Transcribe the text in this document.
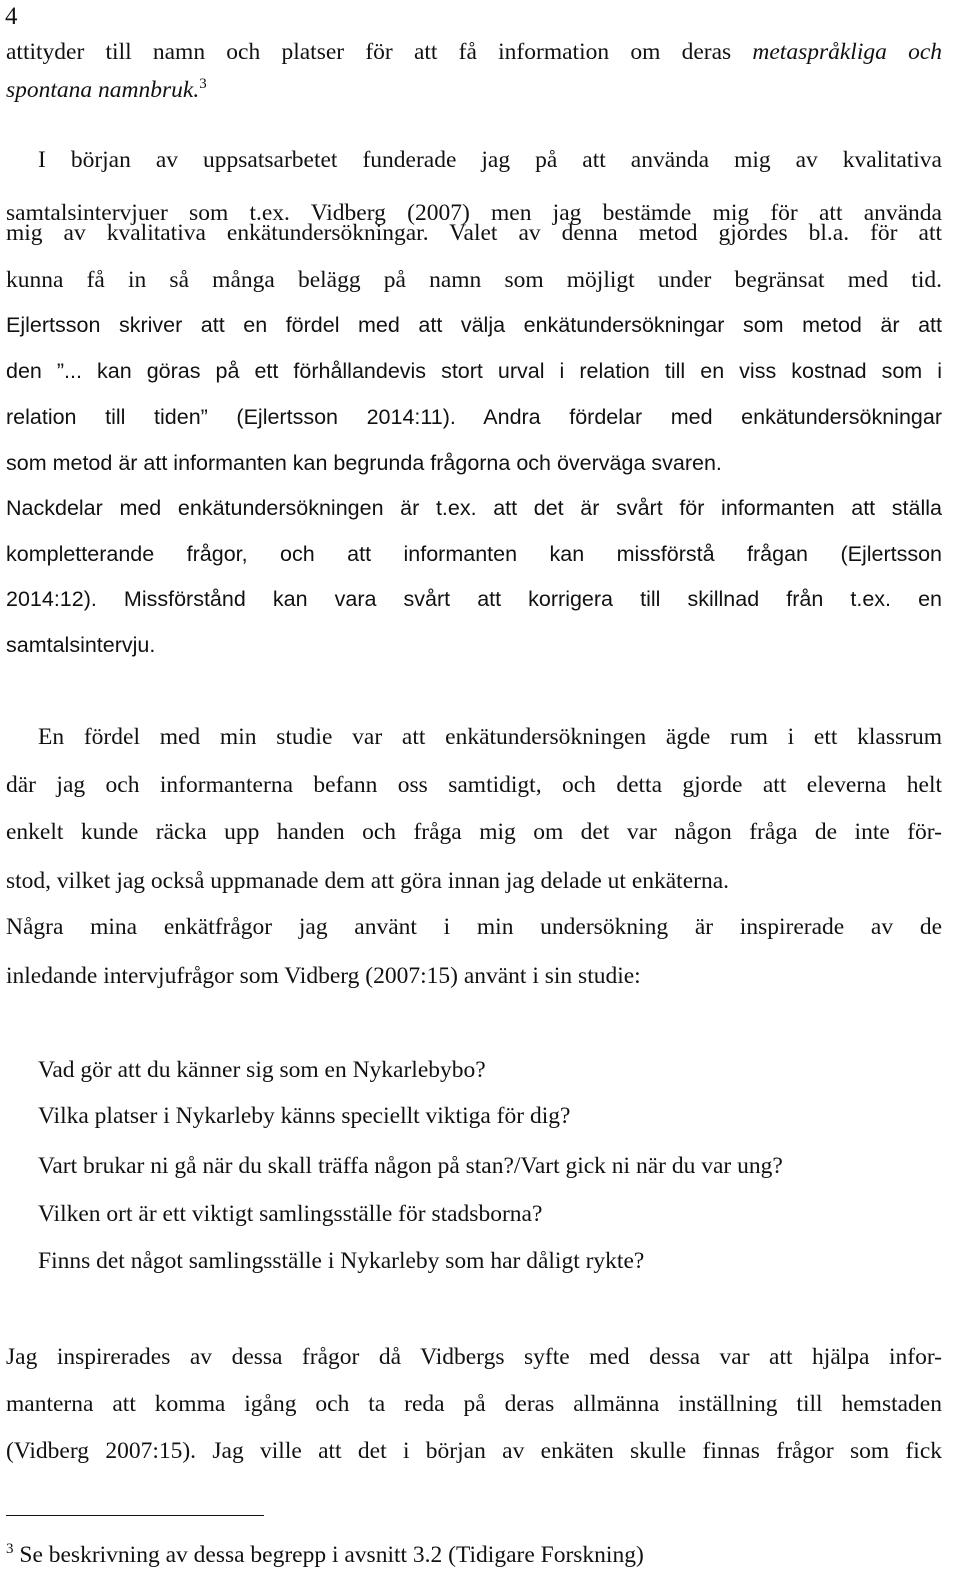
4
attityder till namn och platser för att få information om deras metaspråkliga och
spontana namnbruk.$^3$
I början av uppsatsarbetet funderade jag på att använda mig av kvalitativa
samtalsintervjuer som t.ex. Vidberg (2007) men jag bestämde mig för att använda
mig av kvalitativa enkätundersökningar. Valet av denna metod gjordes bl.a. för att
kunna få in så många belägg på namn som möjligt under begränsat med tid.
Ejlertsson skriver att en fördel med att välja enkätundersökningar som metod är att
den ”... kan göras på ett förhållandevis stort urval i relation till en viss kostnad som i
relation till tiden” (Ejlertsson 2014:11). Andra fördelar med enkätundersökningar
som metod är att informanten kan begrunda frågorna och överväga svaren.
Nackdelar med enkätundersökningen är t.ex. att det är svårt för informanten att ställa
kompletterande frågor, och att informanten kan missförstå frågan (Ejlertsson
2014:12). Missförstånd kan vara svårt att korrigera till skillnad från t.ex. en
samtalsintervju.
En fördel med min studie var att enkätundersökningen ägde rum i ett klassrum
där jag och informanterna befann oss samtidigt, och detta gjorde att eleverna helt
enkelt kunde räcka upp handen och fråga mig om det var någon fråga de inte för-
stod, vilket jag också uppmanade dem att göra innan jag delade ut enkäterna.
Några mina enkätfrågor jag använt i min undersökning är inspirerade av de
inledande intervjufrågor som Vidberg (2007:15) använt i sin studie:
Vad gör att du känner sig som en Nykarlebybo?
Vilka platser i Nykarleby känns speciellt viktiga för dig?
Vart brukar ni gå när du skall träffa någon på stan?/Vart gick ni när du var ung?
Vilken ort är ett viktigt samlingsställe för stadsborna?
Finns det något samlingsställe i Nykarleby som har dåligt rykte?
Jag inspirerades av dessa frågor då Vidbergs syfte med dessa var att hjälpa infor-
manterna att komma igång och ta reda på deras allmänna inställning till hemstaden
(Vidberg 2007:15). Jag ville att det i början av enkäten skulle finnas frågor som fick
$^3$ Se beskrivning av dessa begrepp i avsnitt 3.2 (Tidigare Forskning)
